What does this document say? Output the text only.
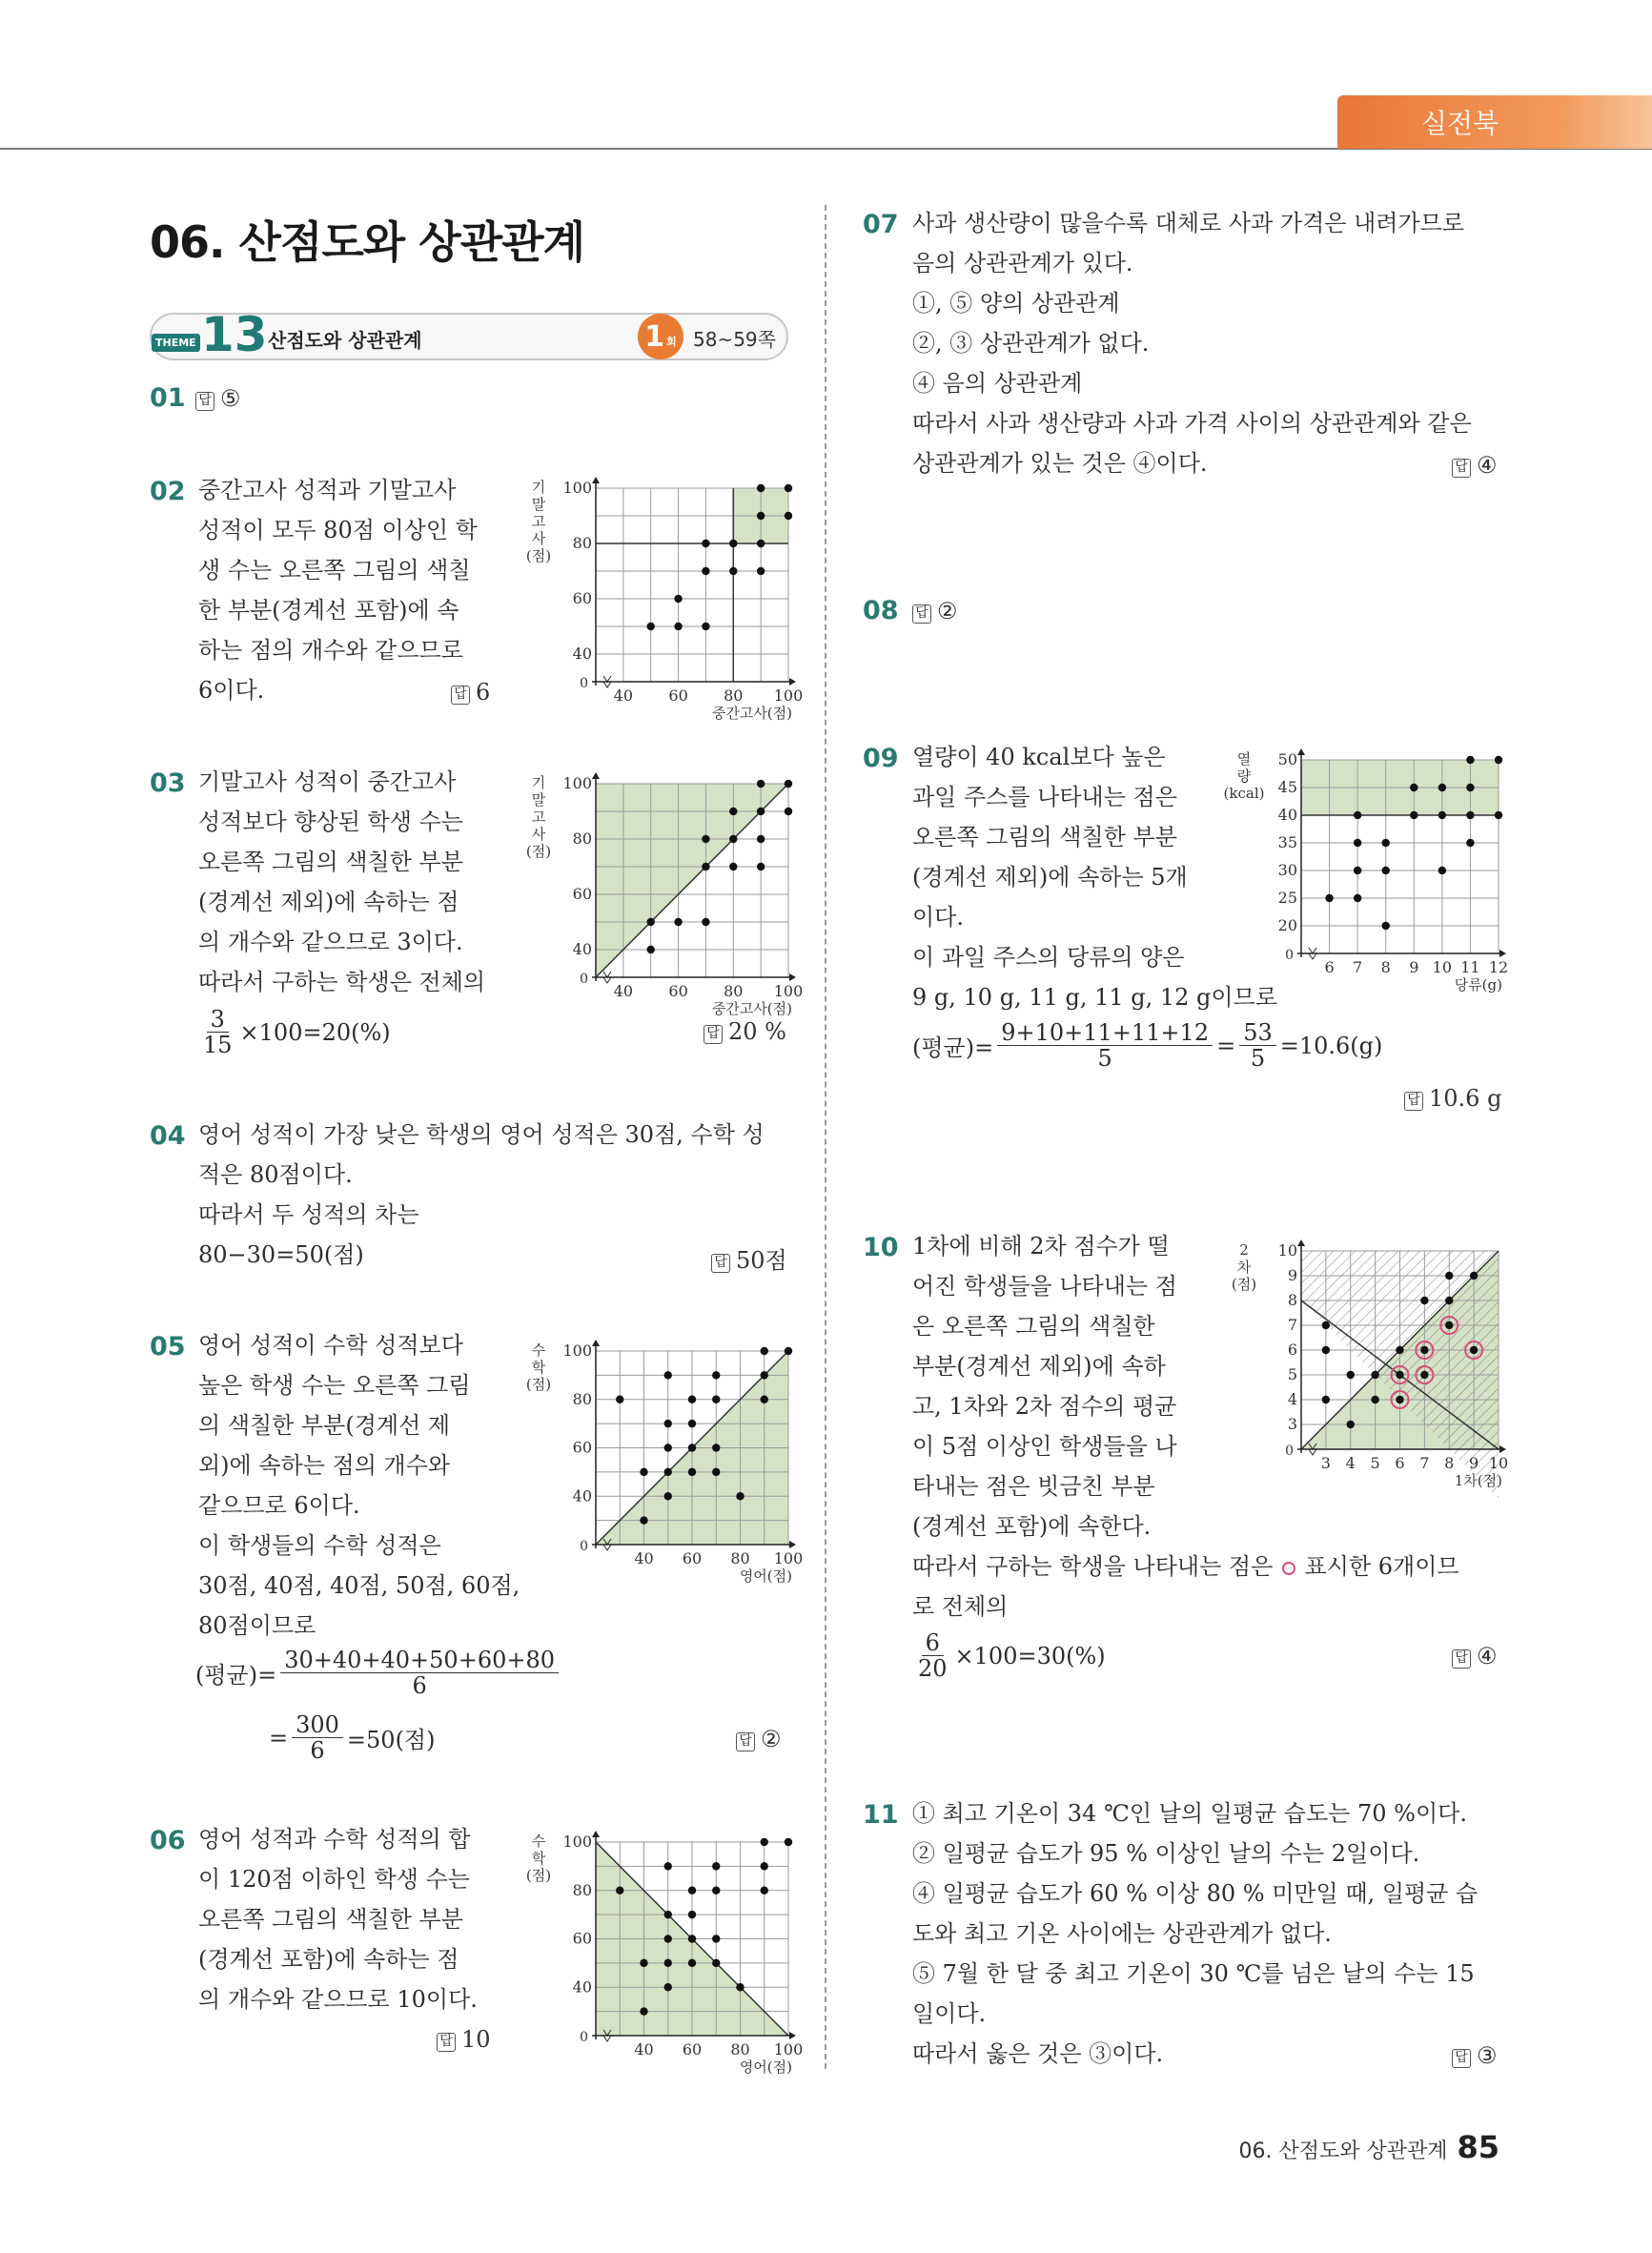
실전북
06. 산점도와 상관관계
THEME 13 산점도와 상관관계	1 회 58~59쪽
01 답 ⑤
02 중간고사 성적과 기말고사
성적이 모두 80점 이상인 학
생 수는 오른쪽 그림의 색칠
한 부분(경계선 포함)에 속
하는 점의 개수와 같으므로
6이다.	답 6	0
40 60 80 100
40
60
80
100
중간고사(점)
기 말 고 사 (점)
03 기말고사 성적이 중간고사
성적보다 향상된 학생 수는
오른쪽 그림의 색칠한 부분
(경계선 제외)에 속하는 점
의 개수와 같으므로 3이다.
따라서 구하는 학생은 전체의
$\frac{3}{15} \times 100=20(\%)$	답 20 %
0
40 60 80 100
40
60
80
100
중간고사(점)
기 말 고 사 (점)
04 영어 성적이 가장 낮은 학생의 영어 성적은 30점, 수학 성
적은 80점이다.
따라서 두 성적의 차는
80−30=50(점)	답 50점
05 영어 성적이 수학 성적보다
높은 학생 수는 오른쪽 그림
의 색칠한 부분(경계선 제
외)에 속하는 점의 개수와
같으므로 6이다.
이 학생들의 수학 성적은
30점, 40점, 40점, 50점, 60점,
80점이므로
(평균)= $\frac{30+40+40+50+60+80}{6}$
= $\frac{300}{6} =50$(점)	답 ②
0
40 60 80 100
40
60
80
100
영어(점)
수 학 (점)
06 영어 성적과 수학 성적의 합
이 120점 이하인 학생 수는
오른쪽 그림의 색칠한 부분
(경계선 포함)에 속하는 점
의 개수와 같으므로 10이다.
답 10	0
40 60 80 100
40
60
80
100
영어(점)
수 학 (점)
07 사과 생산량이 많을수록 대체로 사과 가격은 내려가므로
음의 상관관계가 있다.
①, ⑤ 양의 상관관계
②, ③ 상관관계가 없다.
④ 음의 상관관계
따라서 사과 생산량과 사과 가격 사이의 상관관계와 같은
상관관계가 있는 것은 ④이다.	답 ④
08 답 ②
09 열량이 40 kcal보다 높은
과일 주스를 나타내는 점은
오른쪽 그림의 색칠한 부분
(경계선 제외)에 속하는 5개
이다.
이 과일 주스의 당류의 양은
9 g, 10 g, 11 g, 11 g, 12 g이므로
(평균)= $\frac{9+10+11+11+12}{5} = \frac{53}{5} =10.6(g)$
답 10.6 g
0
6 7 8 9 10 11 12
20
25
30
35
40
45
50
당류(g)
열 량 (kcal)
10 1차에 비해 2차 점수가 떨
어진 학생들을 나타내는 점
은 오른쪽 그림의 색칠한
부분(경계선 제외)에 속하
고, 1차와 2차 점수의 평균
이 5점 이상인 학생들을 나
타내는 점은 빗금친 부분
(경계선 포함)에 속한다.
따라서 구하는 학생을 나타내는 점은 ○ 표시한 6개이므
로 전체의
$\frac{6}{20} \times 100=30(\%)$	답 ④
0
3 4 5 6 7 8 9 10
3
4
5
6
7
8
9
10
1차(점)
2 차 (점)
11 ① 최고 기온이 34 ℃인 날의 일평균 습도는 70 %이다.
② 일평균 습도가 95 % 이상인 날의 수는 2일이다.
④ 일평균 습도가 60 % 이상 80 % 미만일 때, 일평균 습
도와 최고 기온 사이에는 상관관계가 없다.
⑤ 7월 한 달 중 최고 기온이 30 ℃를 넘은 날의 수는 15
일이다.
따라서 옳은 것은 ③이다.	답 ③
06. 산점도와 상관관계 85
